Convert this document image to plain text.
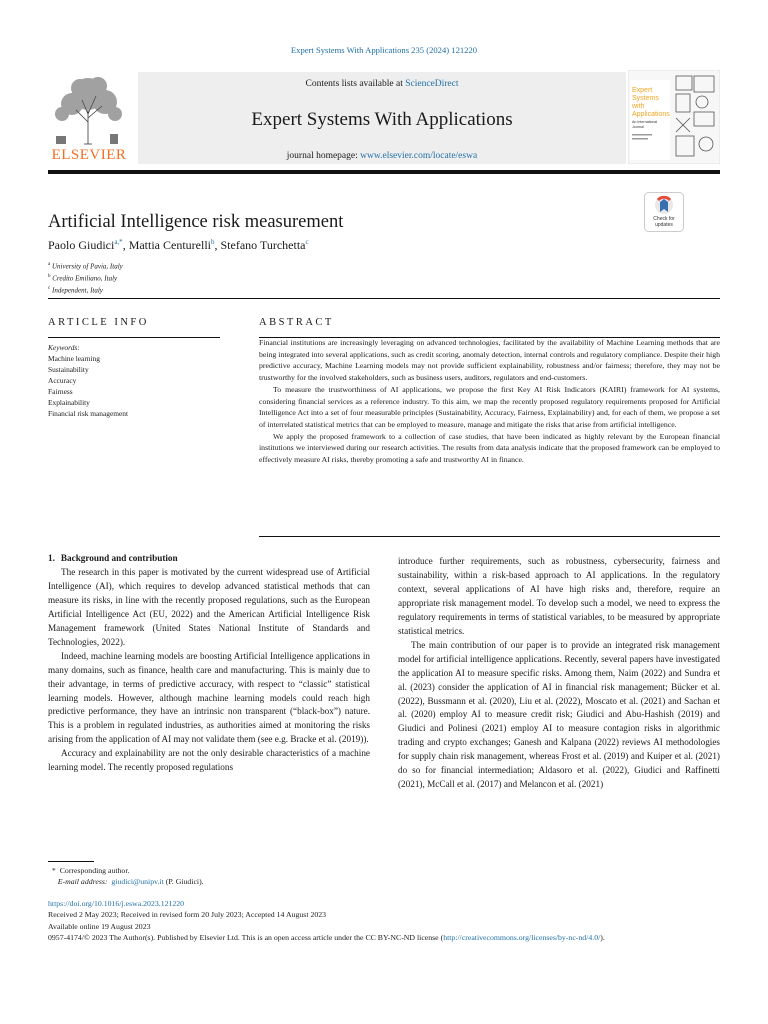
Expert Systems With Applications 235 (2024) 121220
ELSEVIER
Contents lists available at ScienceDirect
Expert Systems With Applications
journal homepage: www.elsevier.com/locate/eswa
Expert
Systems
with
Applications
An International
Journal
Artificial Intelligence risk measurement	Check for updates
Paolo Giudici$^{a,*}$, Mattia Centurelli$^b$, Stefano Turchetta$^c$
$^a$ University of Pavia, Italy
$^b$ Credito Emiliano, Italy
$^c$ Independent, Italy
ARTICLE INFO	ABSTRACT
Keywords:
Machine learning
Sustainability
Accuracy
Fairness
Explainability
Financial risk management

Financial institutions are increasingly leveraging on advanced technologies, facilitated by the availability of Machine Learning methods that are being integrated into several applications, such as credit scoring, anomaly detection, internal controls and regulatory compliance. Despite their high predictive accuracy, Machine Learning models may not provide sufficient explainability, robustness and/or fairness; therefore, they may not be trustworthy for the involved stakeholders, such as business users, auditors, regulators and end-customers.

To measure the trustworthiness of AI applications, we propose the first Key AI Risk Indicators (KAIRI) framework for AI systems, considering financial services as a reference industry. To this aim, we map the recently proposed regulatory requirements proposed for Artificial Intelligence Act into a set of four measurable principles (Sustainability, Accuracy, Fairness, Explainability) and, for each of them, we propose a set of interrelated statistical metrics that can be employed to measure, manage and mitigate the risks that arise from artificial intelligence.

We apply the proposed framework to a collection of case studies, that have been indicated as highly relevant by the European financial institutions we interviewed during our research activities. The results from data analysis indicate that the proposed framework can be employed to effectively measure AI risks, thereby promoting a safe and trustworthy AI in finance.

1. Background and contribution

The research in this paper is motivated by the current widespread use of Artificial Intelligence (AI), which requires to develop advanced statistical methods that can measure its risks, in line with the recently proposed regulations, such as the European Artificial Intelligence Act (EU, 2022) and the American Artificial Intelligence Risk Management framework (United States National Institute of Standards and Technologies, 2022).

Indeed, machine learning models are boosting Artificial Intelligence applications in many domains, such as finance, health care and manufacturing. This is mainly due to their advantage, in terms of predictive accuracy, with respect to “classic” statistical learning models. However, although machine learning models could reach high predictive performance, they have an intrinsic non transparent (“black-box”) nature. This is a problem in regulated industries, as authorities aimed at monitoring the risks arising from the application of AI may not validate them (see e.g. Bracke et al. (2019)).

Accuracy and explainability are not the only desirable characteristics of a machine learning model. The recently proposed regulations

introduce further requirements, such as robustness, cybersecurity, fairness and sustainability, within a risk-based approach to AI applications. In the regulatory context, several applications of AI have high risks and, therefore, require an appropriate risk management model. To develop such a model, we need to express the regulatory requirements in terms of statistical variables, to be measured by appropriate statistical metrics.

The main contribution of our paper is to provide an integrated risk management model for artificial intelligence applications. Recently, several papers have investigated the application AI to measure specific risks. Among them, Naim (2022) and Sundra et al. (2023) consider the application of AI in financial risk management; Bücker et al. (2022), Bussmann et al. (2020), Liu et al. (2022), Moscato et al. (2021) and Sachan et al. (2020) employ AI to measure credit risk; Giudici and Abu-Hashish (2019) and Giudici and Polinesi (2021) employ AI to measure contagion risks in algorithmic trading and crypto exchanges; Ganesh and Kalpana (2022) reviews AI methodologies for supply chain risk management, whereas Frost et al. (2019) and Kuiper et al. (2021) do so for financial intermediation; Aldasoro et al. (2022), Giudici and Raffinetti (2021), McCall et al. (2017) and Melancon et al. (2021)

* Corresponding author.
E-mail address: giudici@unipv.it (P. Giudici).
https://doi.org/10.1016/j.eswa.2023.121220
Received 2 May 2023; Received in revised form 20 July 2023; Accepted 14 August 2023
Available online 19 August 2023
0957-4174/© 2023 The Author(s). Published by Elsevier Ltd. This is an open access article under the CC BY-NC-ND license (http://creativecommons.org/licenses/by-nc-nd/4.0/).
